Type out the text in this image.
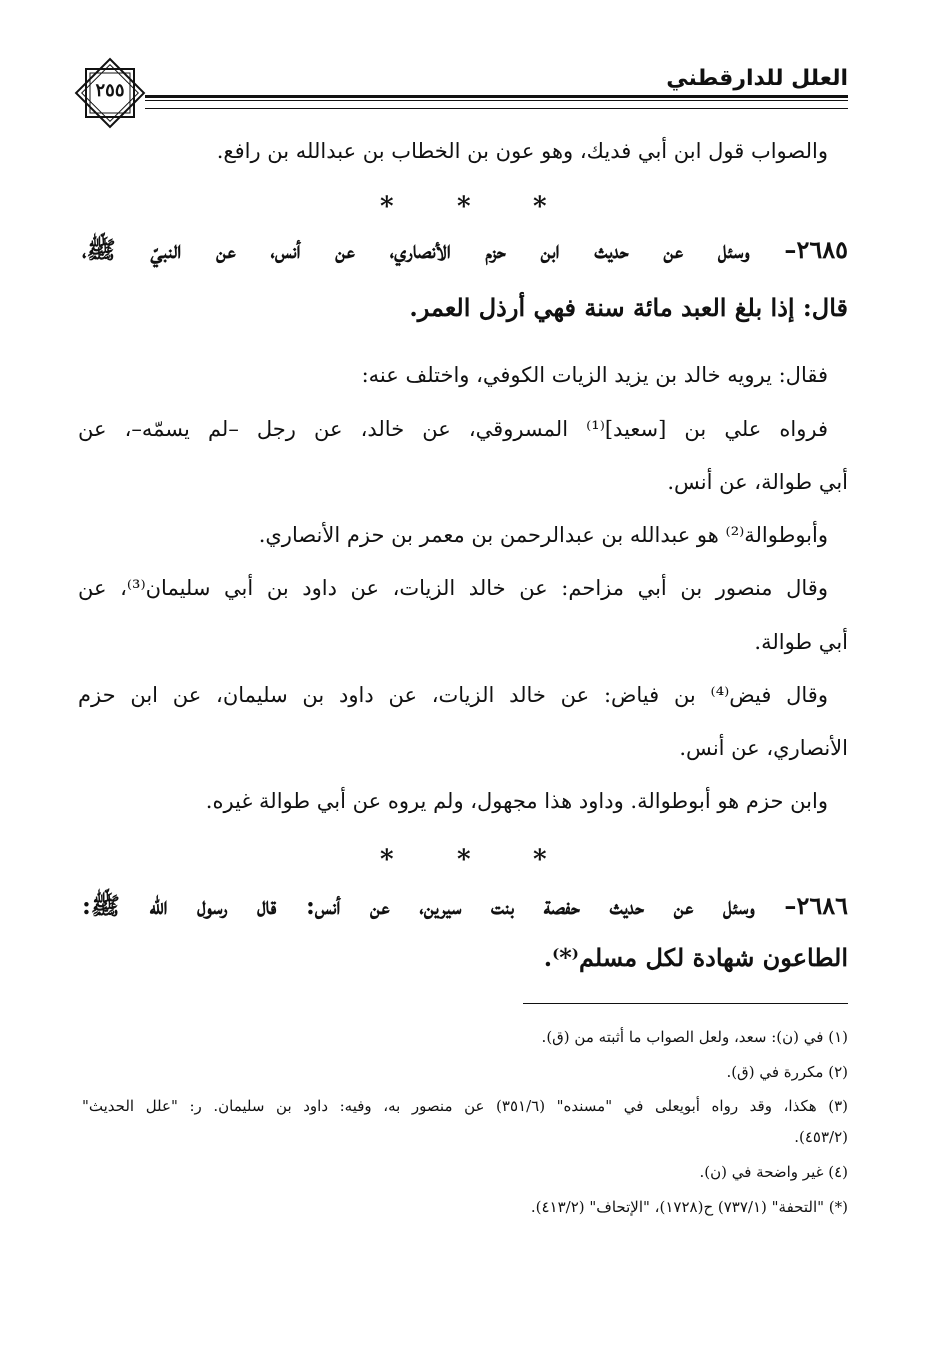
العلل للدارقطني
٢٥٥
والصواب قول ابن أبي فديك، وهو عون بن الخطاب بن عبدالله بن رافع.
* * *
٢٦٨٥– وسئل عن حديث ابن حزم الأنصاري، عن أنس، عن النبيّ ﷺ،
قال: إذا بلغ العبد مائة سنة فهي أرذل العمر.
فقال: يرويه خالد بن يزيد الزيات الكوفي، واختلف عنه:
فرواه علي بن [سعيد]⁽¹⁾ المسروقي، عن خالد، عن رجل –لم يسمّه–، عن
أبي طوالة، عن أنس.
وأبوطوالة⁽²⁾ هو عبدالله بن عبدالرحمن بن معمر بن حزم الأنصاري.
وقال منصور بن أبي مزاحم: عن خالد الزيات، عن داود بن أبي سليمان⁽³⁾، عن
أبي طوالة.
وقال فيض⁽⁴⁾ بن فياض: عن خالد الزيات، عن داود بن سليمان، عن ابن حزم
الأنصاري، عن أنس.
وابن حزم هو أبوطوالة. وداود هذا مجهول، ولم يروه عن أبي طوالة غيره.
* * *
٢٦٨٦– وسئل عن حديث حفصة بنت سيرين، عن أنس: قال رسول الله ﷺ:
الطاعون شهادة لكل مسلم⁽*⁾.
(١) في (ن): سعد، ولعل الصواب ما أثبته من (ق).
(٢) مكررة في (ق).
(٣) هكذا، وقد رواه أبويعلى في "مسنده" (٣٥١/٦) عن منصور به، وفيه: داود بن سليمان. ر: "علل الحديث"
(٤٥٣/٢).
(٤) غير واضحة في (ن).
(*) "التحفة" (٧٣٧/١) ح(١٧٢٨)، "الإتحاف" (٤١٣/٢).
